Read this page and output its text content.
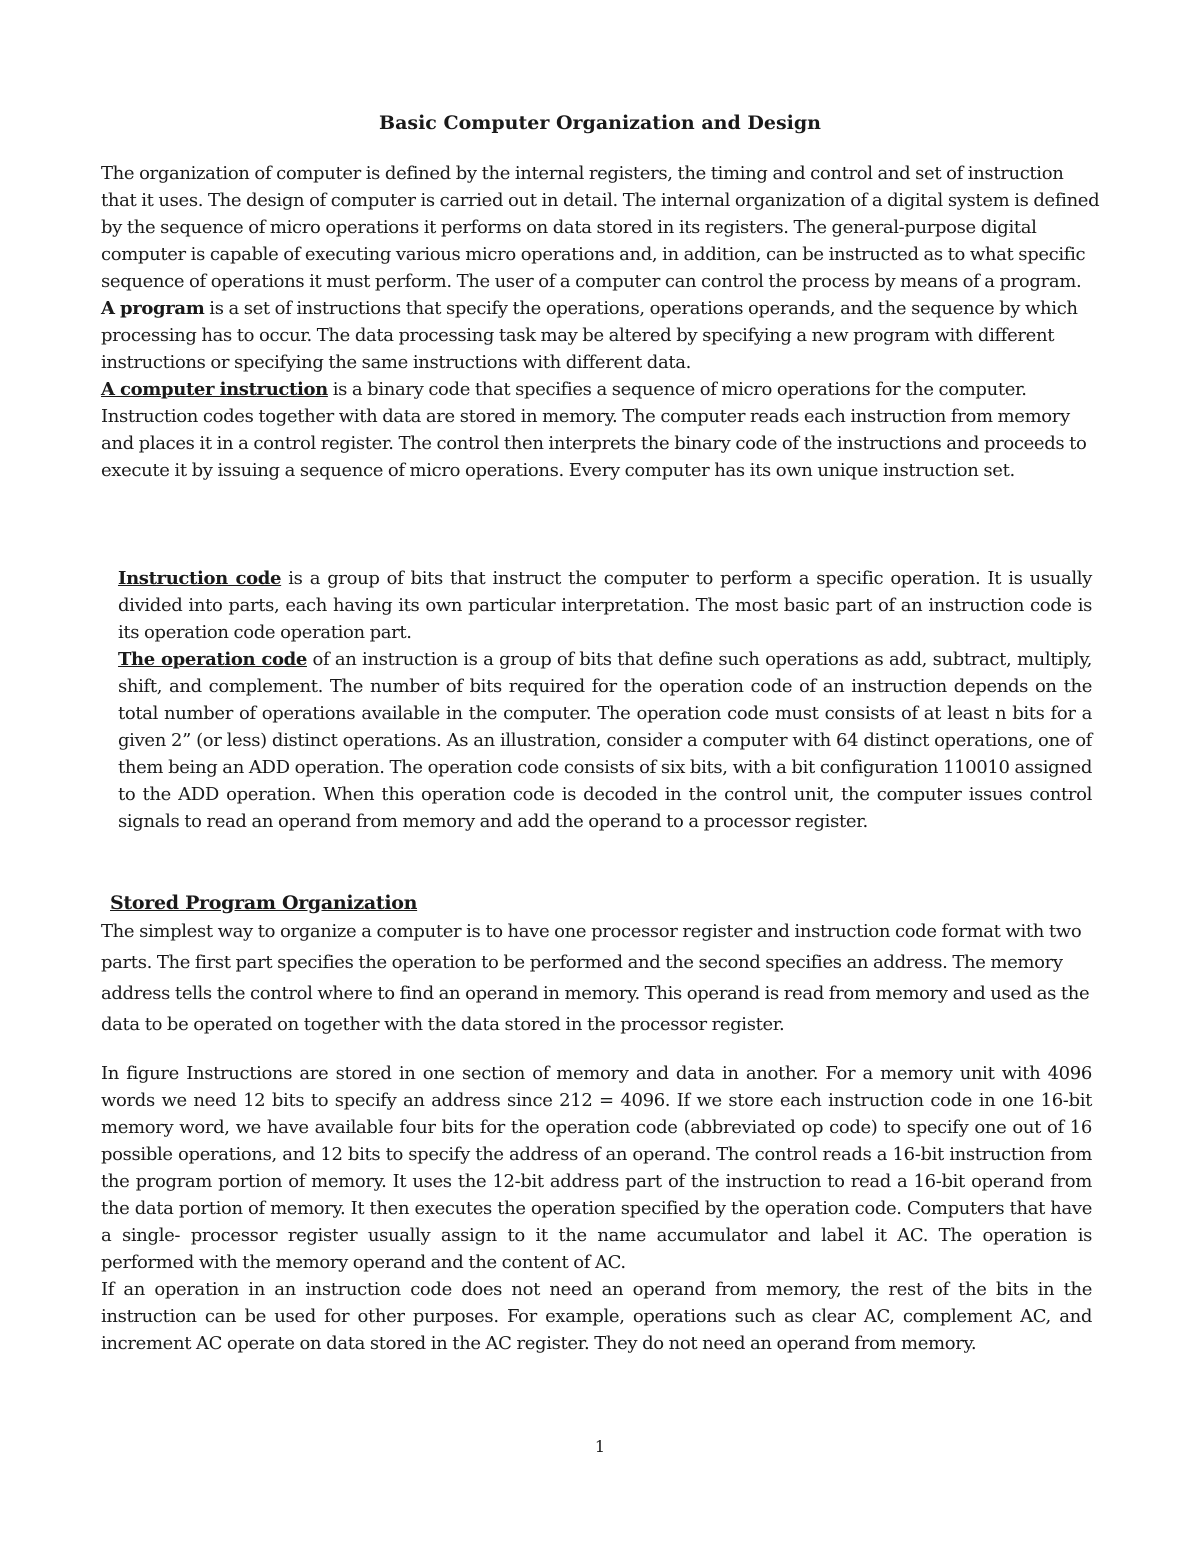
Basic Computer Organization and Design

The organization of computer is defined by the internal registers, the timing and control and set of instruction that it uses. The design of computer is carried out in detail. The internal organization of a digital system is defined by the sequence of micro operations it performs on data stored in its registers. The general-purpose digital computer is capable of executing various micro operations and, in addition, can be instructed as to what specific sequence of operations it must perform. The user of a computer can control the process by means of a program.

A program is a set of instructions that specify the operations, operations operands, and the sequence by which processing has to occur. The data processing task may be altered by specifying a new program with different instructions or specifying the same instructions with different data.

A computer instruction is a binary code that specifies a sequence of micro operations for the computer. Instruction codes together with data are stored in memory. The computer reads each instruction from memory and places it in a control register. The control then interprets the binary code of the instructions and proceeds to execute it by issuing a sequence of micro operations. Every computer has its own unique instruction set.

Instruction code is a group of bits that instruct the computer to perform a specific operation. It is usually divided into parts, each having its own particular interpretation. The most basic part of an instruction code is its operation code operation part.

The operation code of an instruction is a group of bits that define such operations as add, subtract, multiply, shift, and complement. The number of bits required for the operation code of an instruction depends on the total number of operations available in the computer. The operation code must consists of at least n bits for a given 2” (or less) distinct operations. As an illustration, consider a computer with 64 distinct operations, one of them being an ADD operation. The operation code consists of six bits, with a bit configuration 110010 assigned to the ADD operation. When this operation code is decoded in the control unit, the computer issues control signals to read an operand from memory and add the operand to a processor register.

Stored Program Organization

The simplest way to organize a computer is to have one processor register and instruction code format with two parts. The first part specifies the operation to be performed and the second specifies an address. The memory address tells the control where to find an operand in memory. This operand is read from memory and used as the data to be operated on together with the data stored in the processor register.

In figure Instructions are stored in one section of memory and data in another. For a memory unit with 4096 words we need 12 bits to specify an address since 212 = 4096. If we store each instruction code in one 16-bit memory word, we have available four bits for the operation code (abbreviated op code) to specify one out of 16 possible operations, and 12 bits to specify the address of an operand. The control reads a 16-bit instruction from the program portion of memory. It uses the 12-bit address part of the instruction to read a 16-bit operand from the data portion of memory. It then executes the operation specified by the operation code. Computers that have a single- processor register usually assign to it the name accumulator and label it AC. The operation is performed with the memory operand and the content of AC.

If an operation in an instruction code does not need an operand from memory, the rest of the bits in the instruction can be used for other purposes. For example, operations such as clear AC, complement AC, and increment AC operate on data stored in the AC register. They do not need an operand from memory.

1
